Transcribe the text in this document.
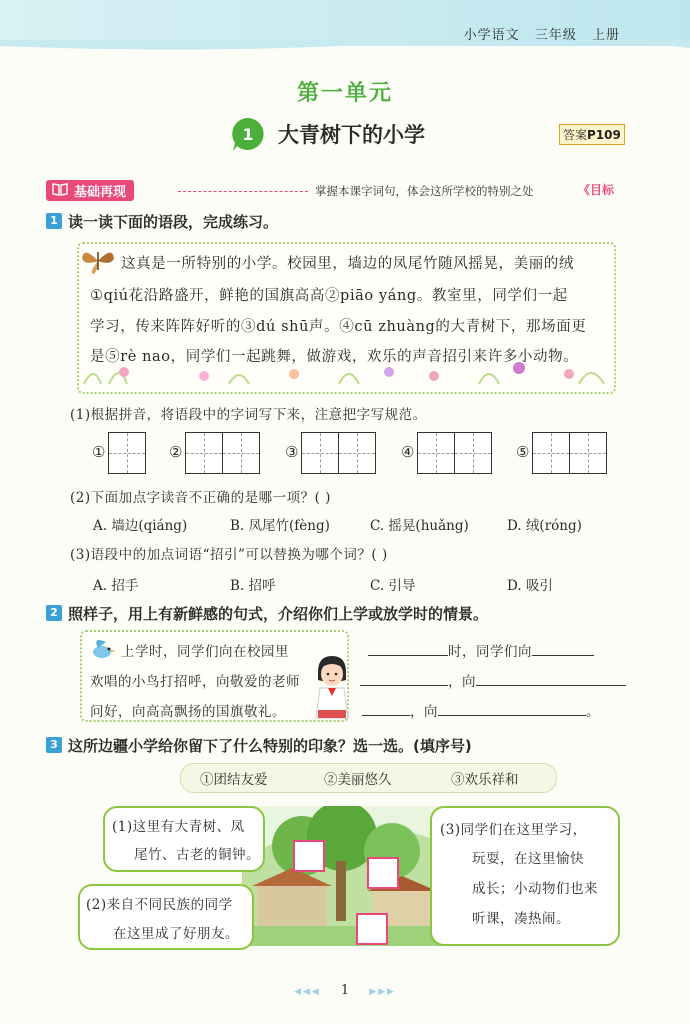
小学语文 三年级 上册
第一单元
1 大青树下的小学	答案P109
基础再现	掌握本课字词句，体会这所学校的特别之处	《目标
1 读一读下面的语段，完成练习。
这真是一所特别的小学。校园里，墙边的凤尾竹随风摇晃，美丽的绒
①qiú花沿路盛开，鲜艳的国旗高高②piāo yáng。教室里，同学们一起
学习，传来阵阵好听的③dú shū声。④cū zhuàng的大青树下，那场面更
是⑤rè nao，同学们一起跳舞，做游戏，欢乐的声音招引来许多小动物。
(1)根据拼音，将语段中的字词写下来，注意把字写规范。
①	②	③	④	⑤
(2)下面加点字读音不正确的是哪一项？( )
A. 墙边(qiáng)	B. 凤尾竹(fèng)	C. 摇晃(huǎng)	D. 绒(róng)
(3)语段中的加点词语“招引”可以替换为哪个词？( )
A. 招手	B. 招呼	C. 引导	D. 吸引
2 照样子，用上有新鲜感的句式，介绍你们上学或放学时的情景。
上学时，同学们向在校园里
欢唱的小鸟打招呼，向敬爱的老师
问好，向高高飘扬的国旗敬礼。
时，同学们向
，向
，向	。
3 这所边疆小学给你留下了什么特别的印象？选一选。(填序号)
①团结友爱	②美丽悠久	③欢乐祥和
(1)这里有大青树、凤
尾竹、古老的铜钟。
(2)来自不同民族的同学
在这里成了好朋友。
(3)同学们在这里学习，
玩耍，在这里愉快
成长；小动物们也来
听课，凑热闹。
◀◀◀ 1 ▶▶▶
